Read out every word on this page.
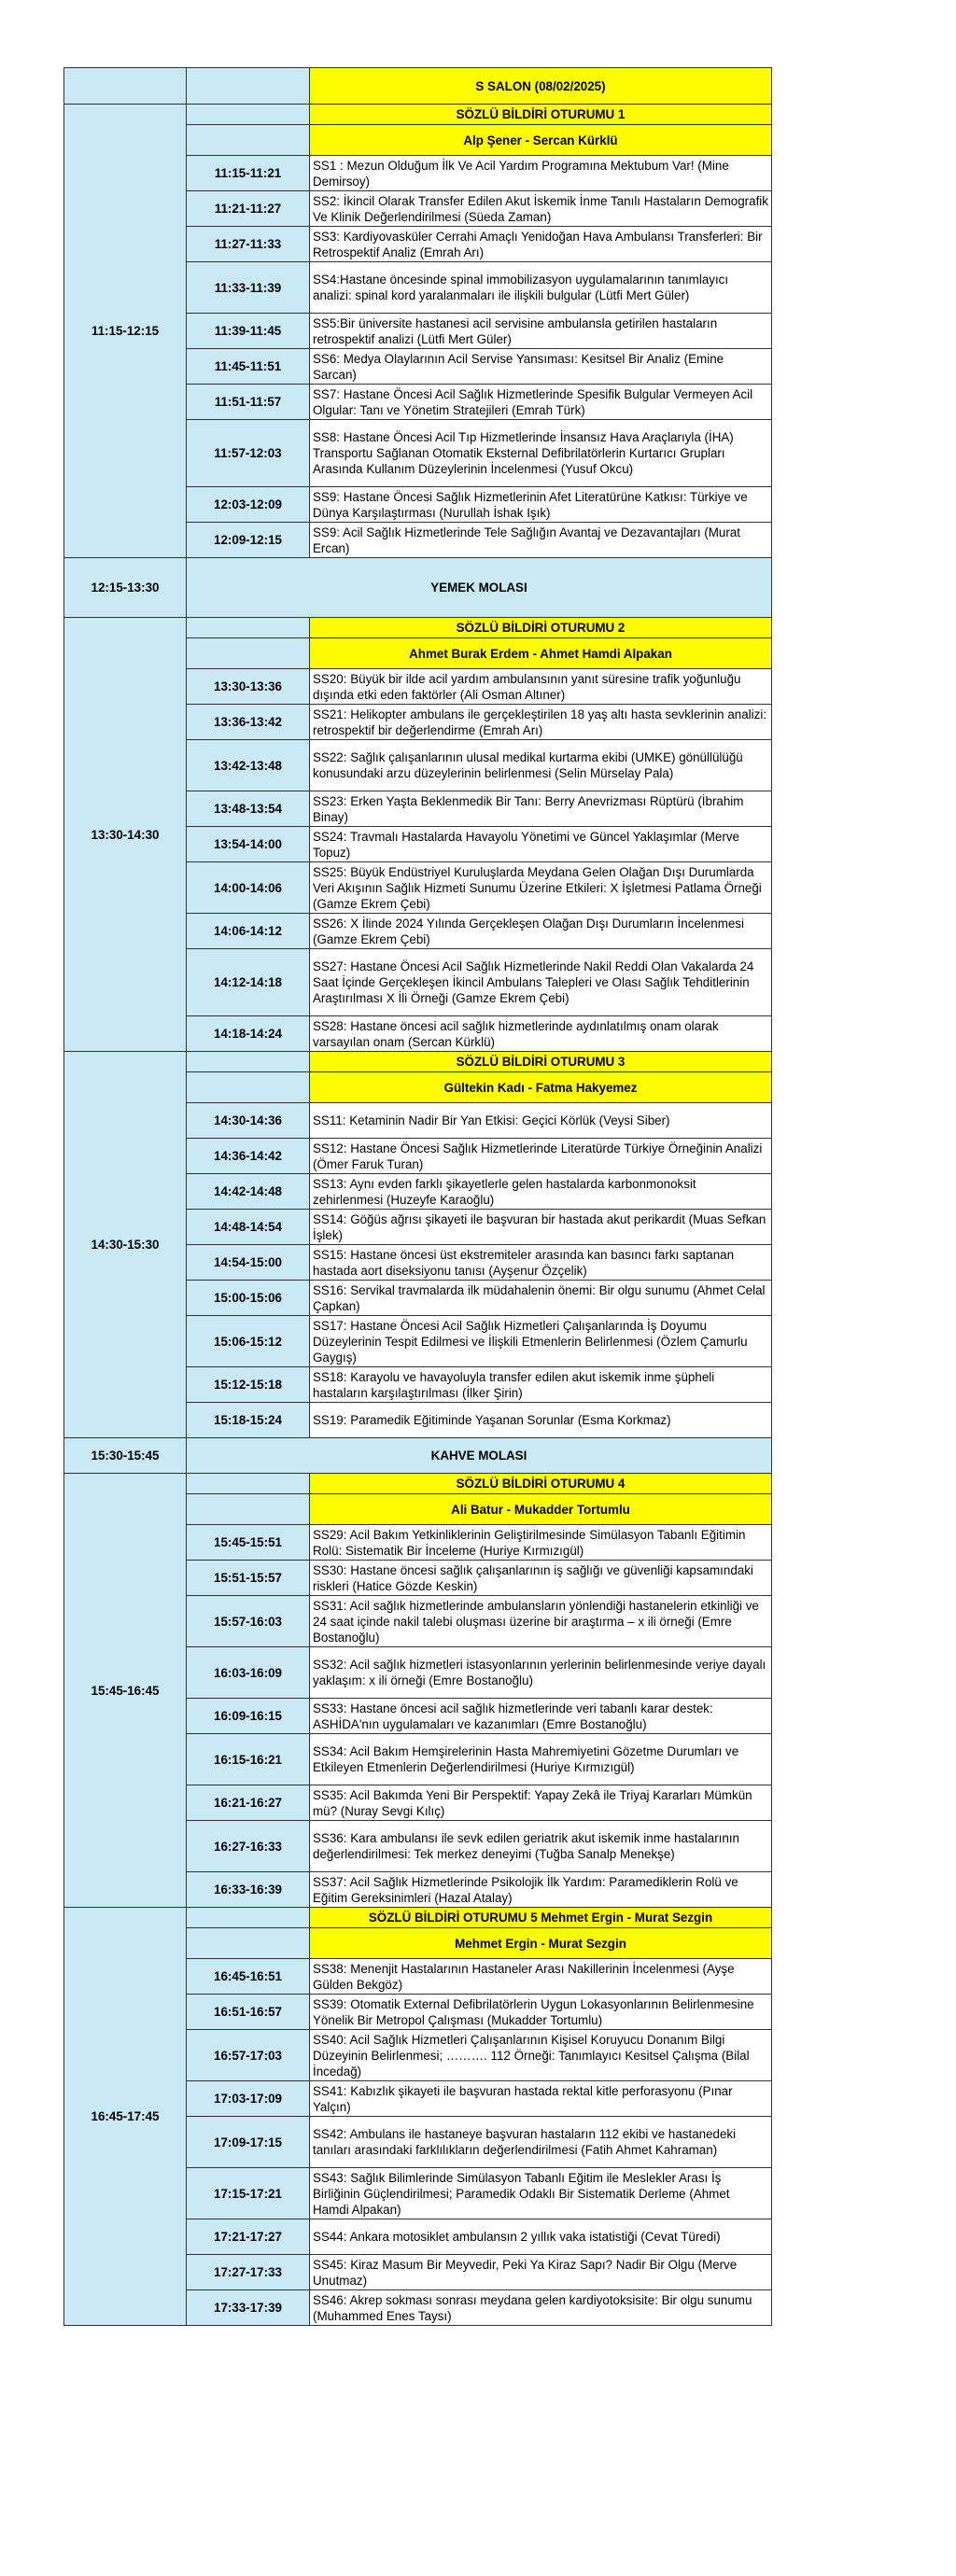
		S SALON (08/02/2025)
11:15-12:15		SÖZLÜ BİLDİRİ OTURUMU 1
		Alp Şener - Sercan Kürklü
	11:15-11:21	SS1 : Mezun Olduğum İlk Ve Acil Yardım Programına Mektubum Var! (Mine Demirsoy)
	11:21-11:27	SS2: İkincil Olarak Transfer Edilen Akut İskemik İnme Tanılı Hastaların Demografik Ve Klinik Değerlendirilmesi (Süeda Zaman)
	11:27-11:33	SS3: Kardiyovasküler Cerrahi Amaçlı Yenidoğan Hava Ambulansı Transferleri: Bir Retrospektif Analiz (Emrah Arı)
	11:33-11:39	SS4:Hastane öncesinde spinal immobilizasyon uygulamalarının tanımlayıcı analizi: spinal kord yaralanmaları ile ilişkili bulgular (Lütfi Mert Güler)
	11:39-11:45	SS5:Bir üniversite hastanesi acil servisine ambulansla getirilen hastaların retrospektif analizi (Lütfi Mert Güler)
	11:45-11:51	SS6: Medya Olaylarının Acil Servise Yansıması: Kesitsel Bir Analiz (Emine Sarcan)
	11:51-11:57	SS7: Hastane Öncesi Acil Sağlık Hizmetlerinde Spesifik Bulgular Vermeyen Acil Olgular: Tanı ve Yönetim Stratejileri (Emrah Türk)
	11:57-12:03	SS8: Hastane Öncesi Acil Tıp Hizmetlerinde İnsansız Hava Araçlarıyla (İHA) Transportu Sağlanan Otomatik Eksternal Defibrilatörlerin Kurtarıcı Grupları Arasında Kullanım Düzeylerinin İncelenmesi (Yusuf Okcu)
	12:03-12:09	SS9: Hastane Öncesi Sağlık Hizmetlerinin Afet Literatürüne Katkısı: Türkiye ve Dünya Karşılaştırması (Nurullah İshak Işık)
	12:09-12:15	SS9: Acil Sağlık Hizmetlerinde Tele Sağlığın Avantaj ve Dezavantajları (Murat Ercan)
12:15-13:30	YEMEK MOLASI	
13:30-14:30		SÖZLÜ BİLDİRİ OTURUMU 2
		Ahmet Burak Erdem - Ahmet Hamdi Alpakan
	13:30-13:36	SS20: Büyük bir ilde acil yardım ambulansının yanıt süresine trafik yoğunluğu dışında etki eden faktörler (Ali Osman Altıner)
	13:36-13:42	SS21: Helikopter ambulans ile gerçekleştirilen 18 yaş altı hasta sevklerinin analizi: retrospektif bir değerlendirme (Emrah Arı)
	13:42-13:48	SS22: Sağlık çalışanlarının ulusal medikal kurtarma ekibi (UMKE) gönüllülüğü konusundaki arzu düzeylerinin belirlenmesi (Selin Mürselay Pala)
	13:48-13:54	SS23: Erken Yaşta Beklenmedik Bir Tanı: Berry Anevrizması Rüptürü (İbrahim Binay)
	13:54-14:00	SS24: Travmalı Hastalarda Havayolu Yönetimi ve Güncel Yaklaşımlar (Merve Topuz)
	14:00-14:06	SS25: Büyük Endüstriyel Kuruluşlarda Meydana Gelen Olağan Dışı Durumlarda Veri Akışının Sağlık Hizmeti Sunumu Üzerine Etkileri: X İşletmesi Patlama Örneği (Gamze Ekrem Çebi)
	14:06-14:12	SS26: X İlinde 2024 Yılında Gerçekleşen Olağan Dışı Durumların İncelenmesi (Gamze Ekrem Çebi)
	14:12-14:18	SS27: Hastane Öncesi Acil Sağlık Hizmetlerinde Nakil Reddi Olan Vakalarda 24 Saat İçinde Gerçekleşen İkincil Ambulans Talepleri ve Olası Sağlık Tehditlerinin Araştırılması X İli Örneği (Gamze Ekrem Çebi)
	14:18-14:24	SS28: Hastane öncesi acil sağlık hizmetlerinde aydınlatılmış onam olarak varsayılan onam (Sercan Kürklü)
14:30-15:30		SÖZLÜ BİLDİRİ OTURUMU 3
		Gültekin Kadı - Fatma Hakyemez
	14:30-14:36	SS11: Ketaminin Nadir Bir Yan Etkisi: Geçici Körlük (Veysi Siber)
	14:36-14:42	SS12: Hastane Öncesi Sağlık Hizmetlerinde Literatürde Türkiye Örneğinin Analizi (Ömer Faruk Turan)
	14:42-14:48	SS13: Aynı evden farklı şikayetlerle gelen hastalarda karbonmonoksit zehirlenmesi (Huzeyfe Karaoğlu)
	14:48-14:54	SS14: Göğüs ağrısı şikayeti ile başvuran bir hastada akut perikardit (Muas Sefkan İşlek)
	14:54-15:00	SS15: Hastane öncesi üst ekstremiteler arasında kan basıncı farkı saptanan hastada aort diseksiyonu tanısı (Ayşenur Özçelik)
	15:00-15:06	SS16: Servikal travmalarda ilk müdahalenin önemi: Bir olgu sunumu (Ahmet Celal Çapkan)
	15:06-15:12	SS17: Hastane Öncesi Acil Sağlık Hizmetleri Çalışanlarında İş Doyumu Düzeylerinin Tespit Edilmesi ve İlişkili Etmenlerin Belirlenmesi (Özlem Çamurlu Gaygış)
	15:12-15:18	SS18: Karayolu ve havayoluyla transfer edilen akut iskemik inme şüpheli hastaların karşılaştırılması (İlker Şirin)
	15:18-15:24	SS19: Paramedik Eğitiminde Yaşanan Sorunlar (Esma Korkmaz)
15:30-15:45	KAHVE MOLASI	
15:45-16:45		SÖZLÜ BİLDİRİ OTURUMU 4
		Ali Batur - Mukadder Tortumlu
	15:45-15:51	SS29: Acil Bakım Yetkinliklerinin Geliştirilmesinde Simülasyon Tabanlı Eğitimin Rolü: Sistematik Bir İnceleme (Huriye Kırmızıgül)
	15:51-15:57	SS30: Hastane öncesi sağlık çalışanlarının iş sağlığı ve güvenliği kapsamındaki riskleri (Hatice Gözde Keskin)
	15:57-16:03	SS31: Acil sağlık hizmetlerinde ambulansların yönlendiği hastanelerin etkinliği ve 24 saat içinde nakil talebi oluşması üzerine bir araştırma – x ili örneği (Emre Bostanoğlu)
	16:03-16:09	SS32: Acil sağlık hizmetleri istasyonlarının yerlerinin belirlenmesinde veriye dayalı yaklaşım: x ili örneği (Emre Bostanoğlu)
	16:09-16:15	SS33: Hastane öncesi acil sağlık hizmetlerinde veri tabanlı karar destek: ASHİDA'nın uygulamaları ve kazanımları (Emre Bostanoğlu)
	16:15-16:21	SS34: Acil Bakım Hemşirelerinin Hasta Mahremiyetini Gözetme Durumları ve Etkileyen Etmenlerin Değerlendirilmesi (Huriye Kırmızıgül)
	16:21-16:27	SS35: Acil Bakımda Yeni Bir Perspektif: Yapay Zekâ ile Triyaj Kararları Mümkün mü? (Nuray Sevgi Kılıç)
	16:27-16:33	SS36: Kara ambulansı ile sevk edilen geriatrik akut iskemik inme hastalarının değerlendirilmesi: Tek merkez deneyimi (Tuğba Sanalp Menekşe)
	16:33-16:39	SS37: Acil Sağlık Hizmetlerinde Psikolojik İlk Yardım: Paramediklerin Rolü ve Eğitim Gereksinimleri (Hazal Atalay)
16:45-17:45		SÖZLÜ BİLDİRİ OTURUMU 5 Mehmet Ergin - Murat Sezgin
		Mehmet Ergin - Murat Sezgin
	16:45-16:51	SS38: Menenjit Hastalarının Hastaneler Arası Nakillerinin İncelenmesi (Ayşe Gülden Bekgöz)
	16:51-16:57	SS39: Otomatik External Defibrilatörlerin Uygun Lokasyonlarının Belirlenmesine Yönelik Bir Metropol Çalışması (Mukadder Tortumlu)
	16:57-17:03	SS40: Acil Sağlık Hizmetleri Çalışanlarının Kişisel Koruyucu Donanım Bilgi Düzeyinin Belirlenmesi; ………. 112 Örneği: Tanımlayıcı Kesitsel Çalışma (Bilal İncedağ)
	17:03-17:09	SS41: Kabızlık şikayeti ile başvuran hastada rektal kitle perforasyonu (Pınar Yalçın)
	17:09-17:15	SS42: Ambulans ile hastaneye başvuran hastaların 112 ekibi ve hastanedeki tanıları arasındaki farklılıkların değerlendirilmesi (Fatih Ahmet Kahraman)
	17:15-17:21	SS43: Sağlık Bilimlerinde Simülasyon Tabanlı Eğitim ile Meslekler Arası İş Birliğinin Güçlendirilmesi; Paramedik Odaklı Bir Sistematik Derleme (Ahmet Hamdi Alpakan)
	17:21-17:27	SS44: Ankara motosiklet ambulansın 2 yıllık vaka istatistiği (Cevat Türedi)
	17:27-17:33	SS45: Kiraz Masum Bir Meyvedir, Peki Ya Kiraz Sapı? Nadir Bir Olgu (Merve Unutmaz)
	17:33-17:39	SS46: Akrep sokması sonrası meydana gelen kardiyotoksisite: Bir olgu sunumu (Muhammed Enes Taysı)
